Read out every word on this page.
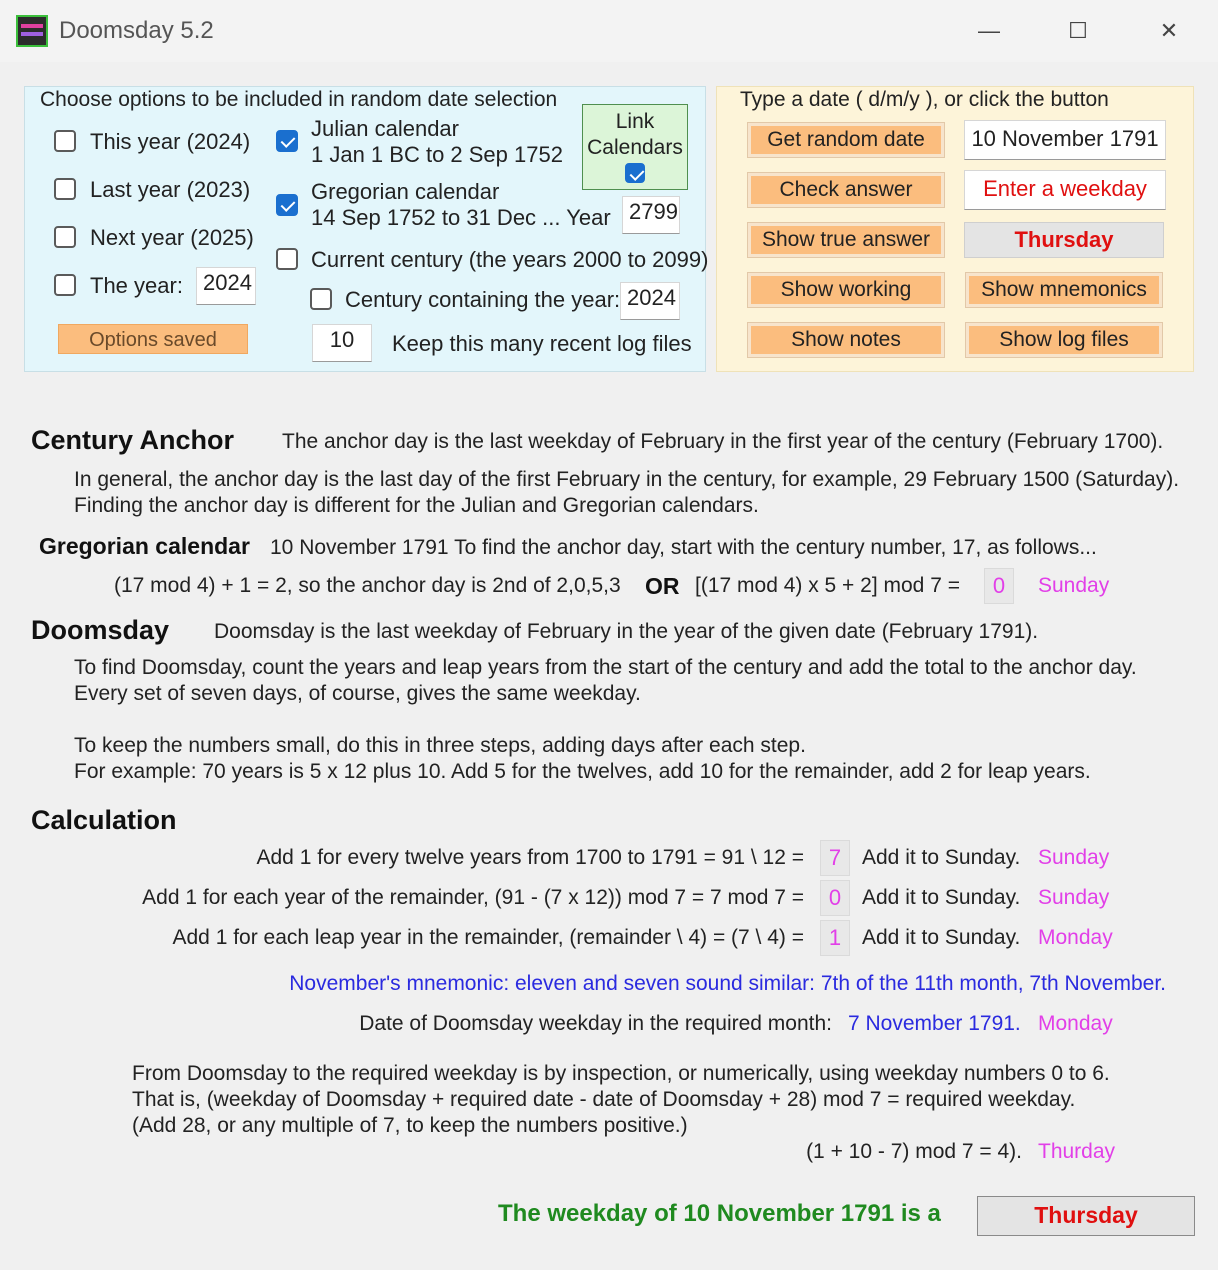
Doomsday 5.2	—	☐	✕
Choose options to be included in random date selection
This year (2024)
Last year (2023)
Next year (2025)
The year: 2024
Julian calendar
1 Jan 1 BC to 2 Sep 1752
Gregorian calendar
14 Sep 1752 to 31 Dec ... Year 2799
Current century (the years 2000 to 2099)
Century containing the year: 2024
10	Keep this many recent log files
Link
Calendars
Options saved
Type a date ( d/m/y ), or click the button
Get random date	10 November 1791
Check answer	Enter a weekday
Show true answer	Thursday
Show working	Show mnemonics
Show notes	Show log files
Century Anchor The anchor day is the last weekday of February in the first year of the century (February 1700).
In general, the anchor day is the last day of the first February in the century, for example, 29 February 1500 (Saturday).
Finding the anchor day is different for the Julian and Gregorian calendars.
Gregorian calendar 10 November 1791 To find the anchor day, start with the century number, 17, as follows...
(17 mod 4) + 1 = 2, so the anchor day is 2nd of 2,0,5,3 OR [(17 mod 4) x 5 + 2] mod 7 =	0	Sunday
Doomsday Doomsday is the last weekday of February in the year of the given date (February 1791).
To find Doomsday, count the years and leap years from the start of the century and add the total to the anchor day.
Every set of seven days, of course, gives the same weekday.
To keep the numbers small, do this in three steps, adding days after each step.
For example: 70 years is 5 x 12 plus 10. Add 5 for the twelves, add 10 for the remainder, add 2 for leap years.
Calculation
Add 1 for every twelve years from 1700 to 1791 = 91 \ 12 =	7 Add it to Sunday. Sunday
Add 1 for each year of the remainder, (91 - (7 x 12)) mod 7 = 7 mod 7 =	0 Add it to Sunday. Sunday
Add 1 for each leap year in the remainder, (remainder \ 4) = (7 \ 4) =	1 Add it to Sunday. Monday
November's mnemonic: eleven and seven sound similar: 7th of the 11th month, 7th November.
Date of Doomsday weekday in the required month: 7 November 1791. Monday
From Doomsday to the required weekday is by inspection, or numerically, using weekday numbers 0 to 6.
That is, (weekday of Doomsday + required date - date of Doomsday + 28) mod 7 = required weekday.
(Add 28, or any multiple of 7, to keep the numbers positive.)
(1 + 10 - 7) mod 7 = 4). Thurday
The weekday of 10 November 1791 is a	Thursday
